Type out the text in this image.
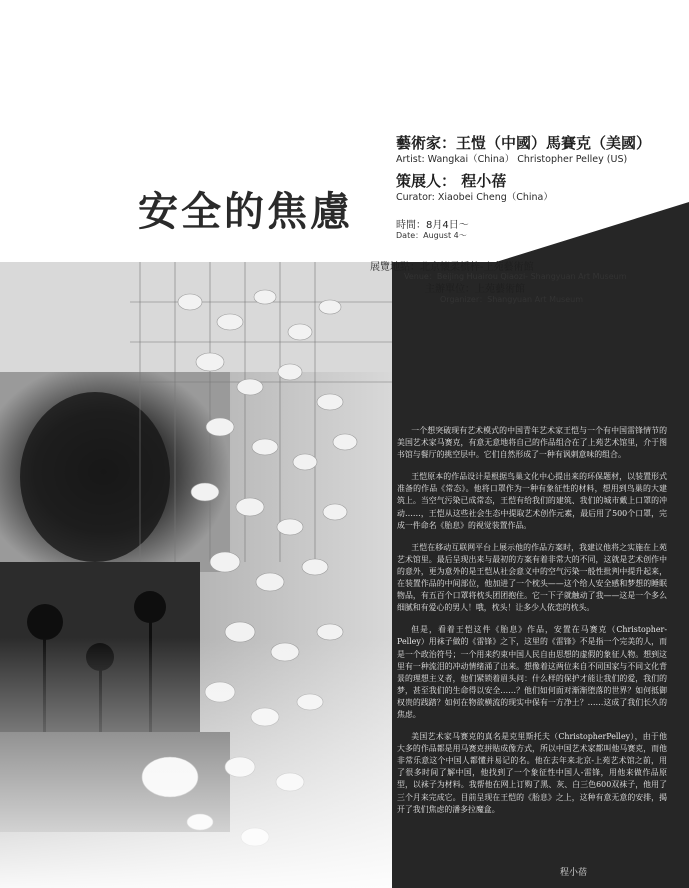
安全的焦慮
藝術家：王愷（中國）馬賽克（美國）
Artist: Wangkai（China） Christopher Pelley (US)
策展人： 程小蓓
Curator: Xiaobei Cheng（China）
時間：8月4日～
Date：August 4～
展覽地點：北京懷柔橋梓-上苑藝術館
Venue：Beijing Huairou Qiaozi- Shangyuan Art Museum
主辦單位：上苑藝術館
Organizer：Shangyuan Art Museum

一个想突破现有艺术模式的中国青年艺术家王恺与一个有中国雷锋情节的美国艺术家马赛克，有意无意地将自己的作品组合在了上苑艺术馆里，介于图书馆与餐厅的挑空层中。它们自然形成了一种有讽刺意味的组合。

王恺原本的作品设计是根据鸟巢文化中心提出来的环保题材，以装置形式准备的作品《常态》。他将口罩作为一种有象征性的材料，想用到鸟巢的大建筑上。当空气污染已成常态，王恺有给我们的建筑、我们的城市戴上口罩的冲动……，王恺从这些社会生态中提取艺术创作元素，最后用了500个口罩，完成一件命名《胎息》的视觉装置作品。

王恺在移动互联网平台上展示他的作品方案时，我建议他将之实施在上苑艺术馆里。最后呈现出来与最初的方案有着非常大的不同，这就是艺术创作中的意外，更为意外的是王恺从社会意义中的空气污染一般性批判中提升起来，在装置作品的中间部位，他加进了一个枕头——这个给人安全感和梦想的睡眠物品，有五百个口罩将枕头团团抱住。它一下子就触动了我——这是一个多么细腻和有爱心的男人！哦，枕头！让多少人依恋的枕头。

但是，看着王恺这件《胎息》作品，安置在马赛克（Christopher-Pelley）用袜子做的《雷锋》之下，这里的《雷锋》不是指一个完美的人，而是一个政治符号；一个用来约束中国人民自由思想的虚假的象征人物。想到这里有一种流泪的冲动情绪涌了出来。想像着这两位来自不同国家与不同文化背景的理想主义者，他们紧锁着眉头问：什么样的保护才能让我们的爱，我们的梦，甚至我们的生命得以安全……？他们如何面对渐渐堕落的世界？如何抵御权贵的践踏？如何在物欲横流的现实中保有一方净土？……这成了我们长久的焦虑。

美国艺术家马赛克的真名是克里斯托夫（ChristopherPelley），由于他大多的作品都是用马赛克拼贴成像方式，所以中国艺术家都叫他马赛克，而他非常乐意这个中国人都懂并易记的名。他在去年来北京-上苑艺术馆之前，用了很多时间了解中国，他找到了一个象征性中国人-雷锋，用他来做作品原型，以袜子为材料。我帮他在网上订购了黑、灰、白三色600双袜子，他用了三个月来完成它。目前呈现在王恺的《胎息》之上，这种有意无意的安排，揭开了我们焦虑的潘多拉魔盒。

程小蓓
